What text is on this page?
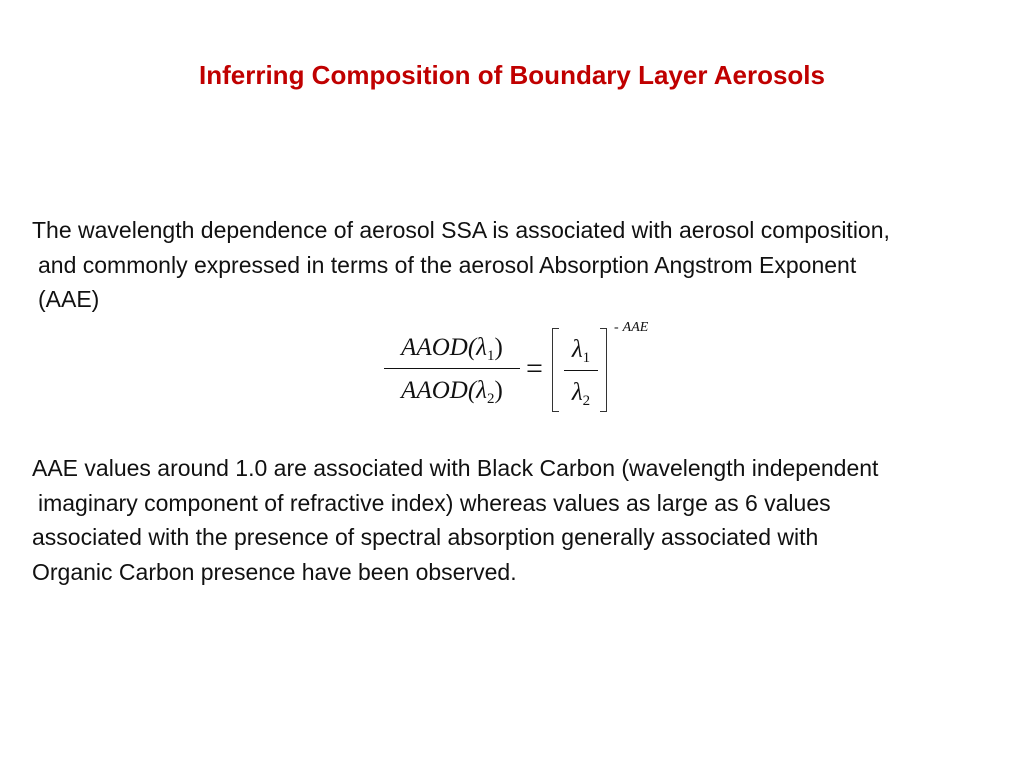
Inferring Composition of Boundary Layer Aerosols
The wavelength dependence of aerosol SSA is associated with aerosol composition,
and commonly expressed in terms of the aerosol Absorption Angstrom Exponent
(AAE)
$AAOD(\lambda_1)$
$AAOD(\lambda_2)$
=
$\lambda_1$
$\lambda_2$
- AAE
AAE values around 1.0 are associated with Black Carbon (wavelength independent
imaginary component of refractive index) whereas values as large as 6 values
associated with the presence of spectral absorption generally associated with
Organic Carbon presence have been observed.
